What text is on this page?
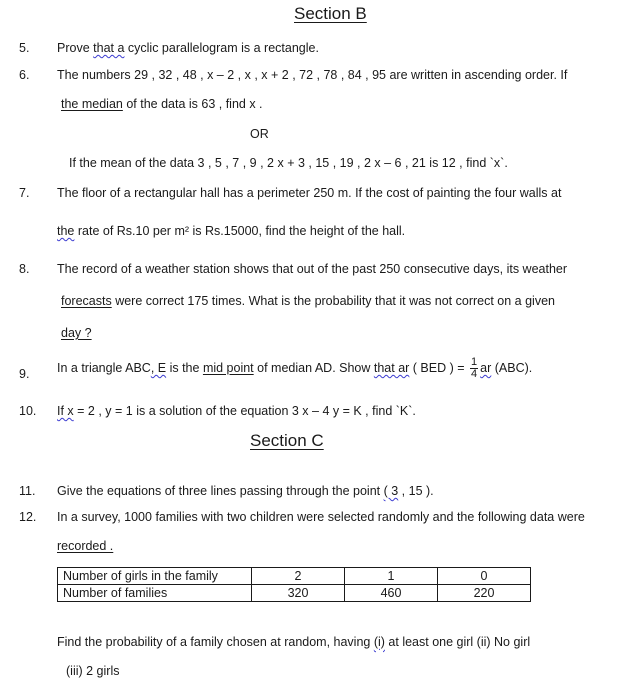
Section B
5.	Prove that a cyclic parallelogram is a rectangle.
6.	The numbers 29 , 32 , 48 , x – 2 , x , x + 2 , 72 , 78 , 84 , 95 are written in ascending order. If
the median of the data is 63 , find x .
OR
If the mean of the data 3 , 5 , 7 , 9 , 2 x + 3 , 15 , 19 , 2 x – 6 , 21 is 12 , find `x`.
7.	The floor of a rectangular hall has a perimeter 250 m. If the cost of painting the four walls at
the rate of Rs.10 per m² is Rs.15000, find the height of the hall.
8.	The record of a weather station shows that out of the past 250 consecutive days, its weather
forecasts were correct 175 times. What is the probability that it was not correct on a given
day ?
9.	In a triangle ABC, E is the mid point of median AD. Show that ar ( BED ) = $\frac{1}{4}$ ar (ABC).
10.	If x = 2 , y = 1 is a solution of the equation 3 x – 4 y = K , find `K`.
Section C
11.	Give the equations of three lines passing through the point ( 3 , 15 ).
12.	In a survey, 1000 families with two children were selected randomly and the following data were
recorded .
Number of girls in the family	2	1	0
Number of families	320	460	220
Find the probability of a family chosen at random, having (i) at least one girl (ii) No girl
(iii) 2 girls
